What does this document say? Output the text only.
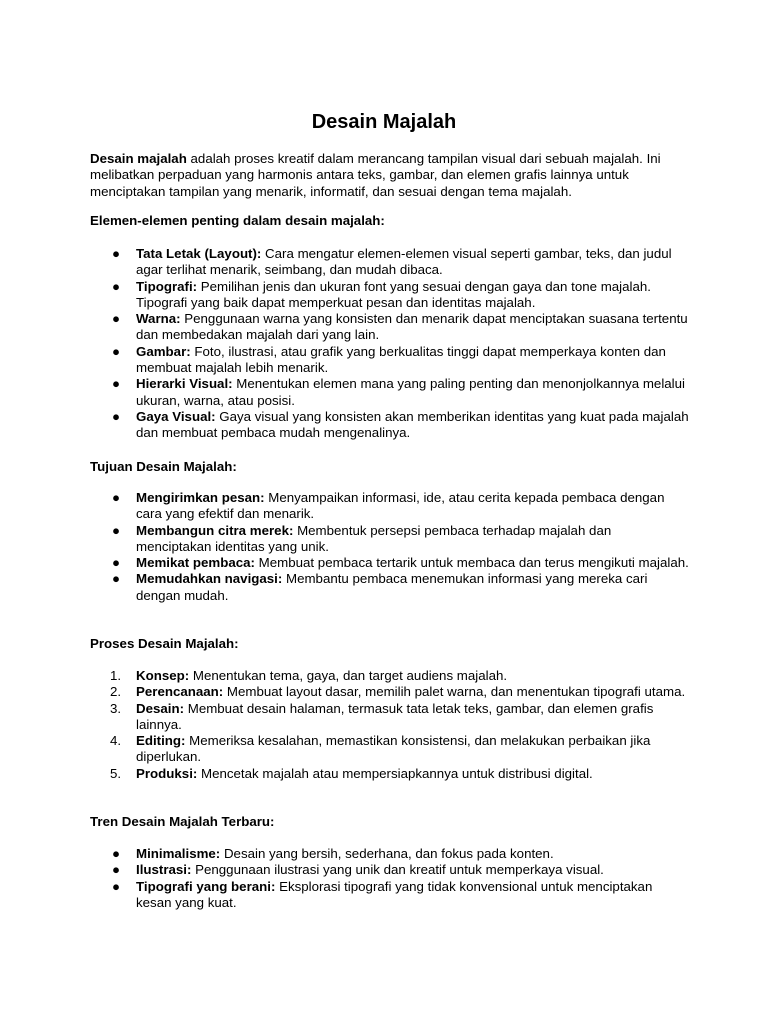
Desain Majalah
Desain majalah adalah proses kreatif dalam merancang tampilan visual dari sebuah majalah. Ini melibatkan perpaduan yang harmonis antara teks, gambar, dan elemen grafis lainnya untuk menciptakan tampilan yang menarik, informatif, dan sesuai dengan tema majalah.
Elemen-elemen penting dalam desain majalah:
● Tata Letak (Layout): Cara mengatur elemen-elemen visual seperti gambar, teks, dan judul agar terlihat menarik, seimbang, dan mudah dibaca.
● Tipografi: Pemilihan jenis dan ukuran font yang sesuai dengan gaya dan tone majalah. Tipografi yang baik dapat memperkuat pesan dan identitas majalah.
● Warna: Penggunaan warna yang konsisten dan menarik dapat menciptakan suasana tertentu dan membedakan majalah dari yang lain.
● Gambar: Foto, ilustrasi, atau grafik yang berkualitas tinggi dapat memperkaya konten dan membuat majalah lebih menarik.
● Hierarki Visual: Menentukan elemen mana yang paling penting dan menonjolkannya melalui ukuran, warna, atau posisi.
● Gaya Visual: Gaya visual yang konsisten akan memberikan identitas yang kuat pada majalah dan membuat pembaca mudah mengenalinya.
Tujuan Desain Majalah:
● Mengirimkan pesan: Menyampaikan informasi, ide, atau cerita kepada pembaca dengan cara yang efektif dan menarik.
● Membangun citra merek: Membentuk persepsi pembaca terhadap majalah dan menciptakan identitas yang unik.
● Memikat pembaca: Membuat pembaca tertarik untuk membaca dan terus mengikuti majalah.
● Memudahkan navigasi: Membantu pembaca menemukan informasi yang mereka cari dengan mudah.
Proses Desain Majalah:
1. Konsep: Menentukan tema, gaya, dan target audiens majalah.
2. Perencanaan: Membuat layout dasar, memilih palet warna, dan menentukan tipografi utama.
3. Desain: Membuat desain halaman, termasuk tata letak teks, gambar, dan elemen grafis lainnya.
4. Editing: Memeriksa kesalahan, memastikan konsistensi, dan melakukan perbaikan jika diperlukan.
5. Produksi: Mencetak majalah atau mempersiapkannya untuk distribusi digital.
Tren Desain Majalah Terbaru:
● Minimalisme: Desain yang bersih, sederhana, dan fokus pada konten.
● Ilustrasi: Penggunaan ilustrasi yang unik dan kreatif untuk memperkaya visual.
● Tipografi yang berani: Eksplorasi tipografi yang tidak konvensional untuk menciptakan kesan yang kuat.
